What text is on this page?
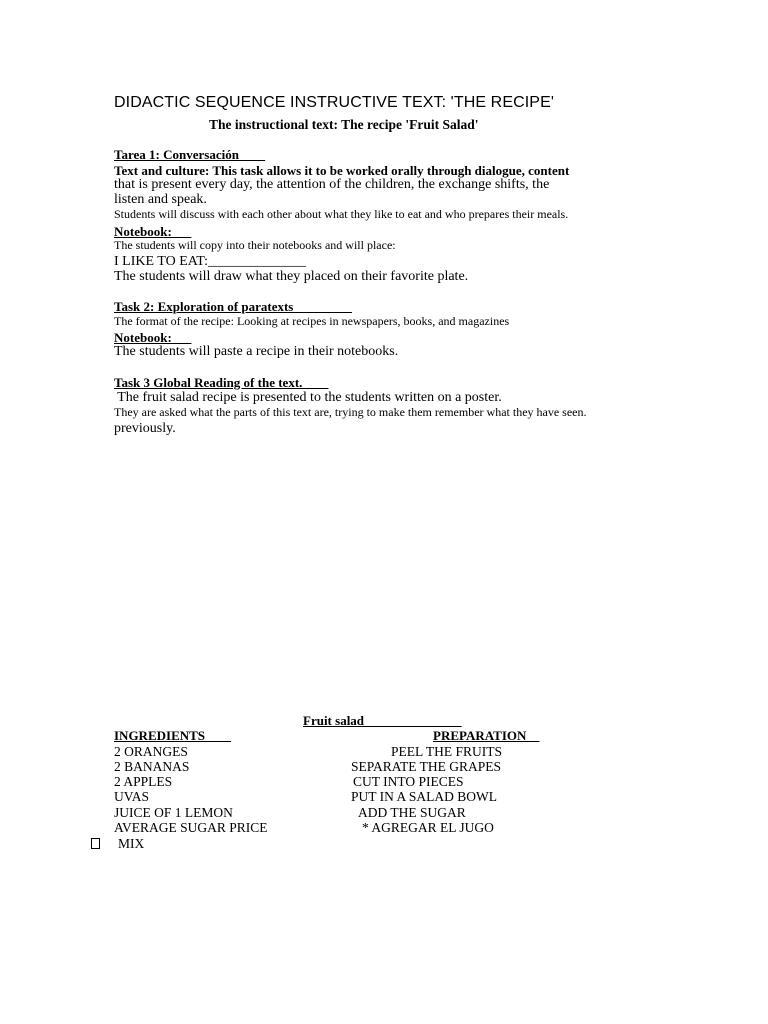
DIDACTIC SEQUENCE INSTRUCTIVE TEXT: 'THE RECIPE'
The instructional text: The recipe 'Fruit Salad'
Tarea 1: Conversación____
Text and culture: This task allows it to be worked orally through dialogue, content
that is present every day, the attention of the children, the exchange shifts, the
listen and speak.
Students will discuss with each other about what they like to eat and who prepares their meals.
Notebook:___
The students will copy into their notebooks and will place:
I LIKE TO EAT:______________
The students will draw what they placed on their favorite plate.
Task 2: Exploration of paratexts_________
The format of the recipe: Looking at recipes in newspapers, books, and magazines
Notebook:___
The students will paste a recipe in their notebooks.
Task 3 Global Reading of the text.____
The fruit salad recipe is presented to the students written on a poster.
They are asked what the parts of this text are, trying to make them remember what they have seen.
previously.
Fruit salad_______________
INGREDIENTS____	PREPARATION__
2 ORANGES
2 BANANAS
2 APPLES
UVAS
JUICE OF 1 LEMON
AVERAGE SUGAR PRICE
PEEL THE FRUITS
SEPARATE THE GRAPES
CUT INTO PIECES
PUT IN A SALAD BOWL
ADD THE SUGAR
* AGREGAR EL JUGO
MIX
